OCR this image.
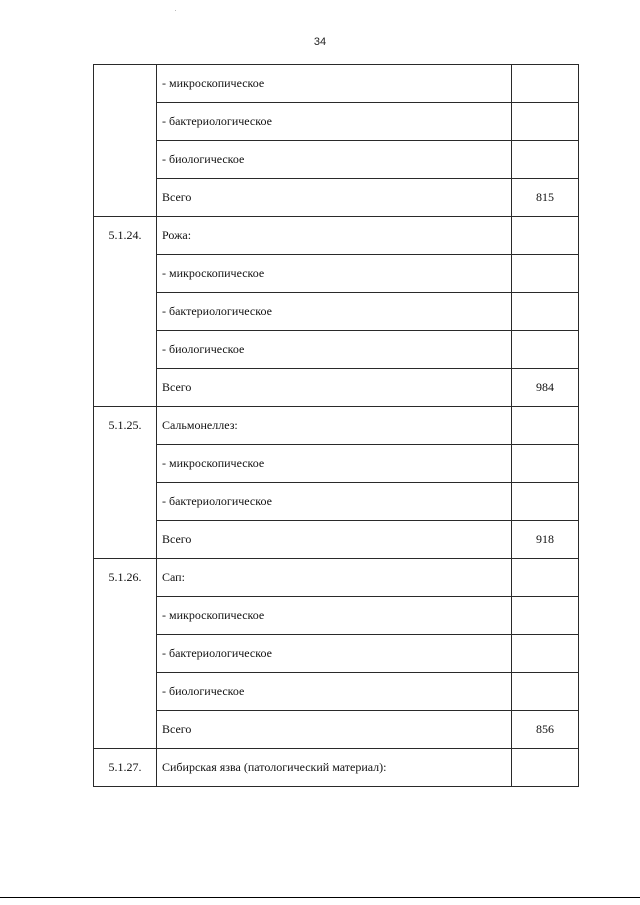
34
	- микроскопическое	
	- бактериологическое	
	- биологическое	
	Всего	815
5.1.24.	Рожа:	
	- микроскопическое	
	- бактериологическое	
	- биологическое	
	Всего	984
5.1.25.	Сальмонеллез:	
	- микроскопическое	
	- бактериологическое	
	Всего	918
5.1.26.	Сап:	
	- микроскопическое	
	- бактериологическое	
	- биологическое	
	Всего	856
5.1.27.	Сибирская язва (патологический материал):	
